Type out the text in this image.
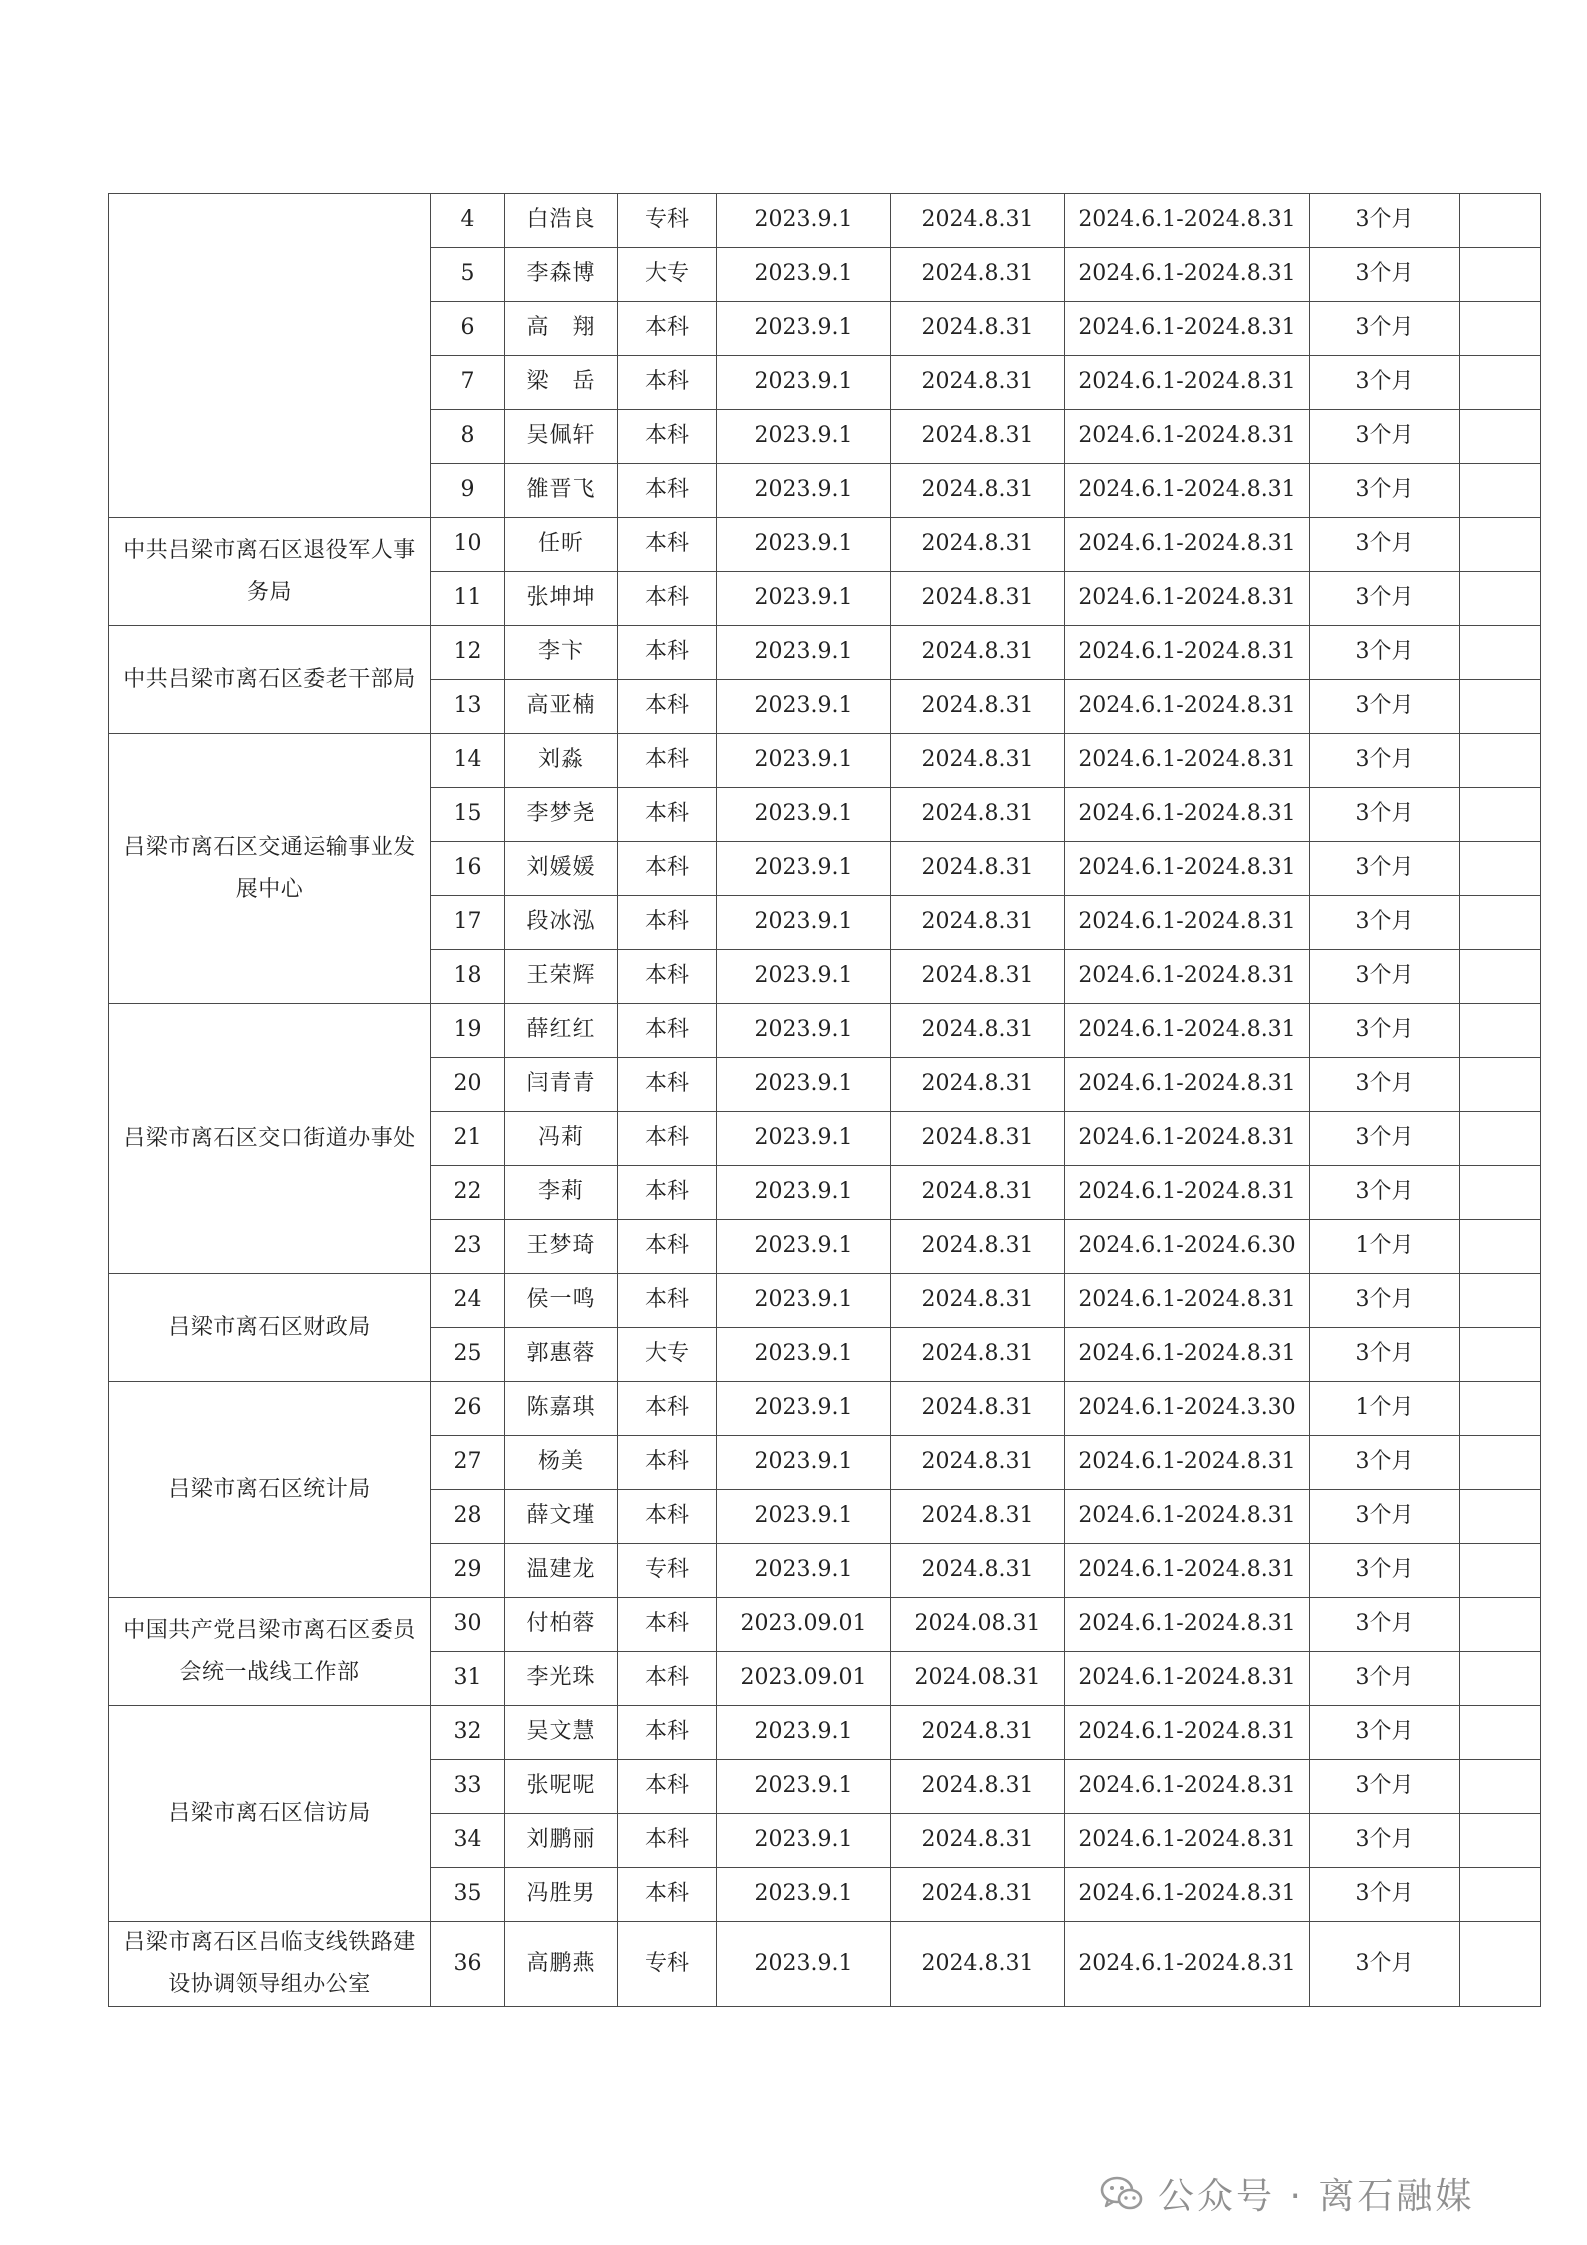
	4	白浩良	专科	2023.9.1	2024.8.31	2024.6.1-2024.8.31	3个月	
	5	李森博	大专	2023.9.1	2024.8.31	2024.6.1-2024.8.31	3个月	
	6	高　翔	本科	2023.9.1	2024.8.31	2024.6.1-2024.8.31	3个月	
	7	梁　岳	本科	2023.9.1	2024.8.31	2024.6.1-2024.8.31	3个月	
	8	吴佩轩	本科	2023.9.1	2024.8.31	2024.6.1-2024.8.31	3个月	
	9	雒晋飞	本科	2023.9.1	2024.8.31	2024.6.1-2024.8.31	3个月	
中共吕梁市离石区退役军人事务局	10	任昕	本科	2023.9.1	2024.8.31	2024.6.1-2024.8.31	3个月	
	11	张坤坤	本科	2023.9.1	2024.8.31	2024.6.1-2024.8.31	3个月	
中共吕梁市离石区委老干部局	12	李卞	本科	2023.9.1	2024.8.31	2024.6.1-2024.8.31	3个月	
	13	高亚楠	本科	2023.9.1	2024.8.31	2024.6.1-2024.8.31	3个月	
吕梁市离石区交通运输事业发展中心	14	刘淼	本科	2023.9.1	2024.8.31	2024.6.1-2024.8.31	3个月	
	15	李梦尧	本科	2023.9.1	2024.8.31	2024.6.1-2024.8.31	3个月	
	16	刘媛媛	本科	2023.9.1	2024.8.31	2024.6.1-2024.8.31	3个月	
	17	段冰泓	本科	2023.9.1	2024.8.31	2024.6.1-2024.8.31	3个月	
	18	王荣辉	本科	2023.9.1	2024.8.31	2024.6.1-2024.8.31	3个月	
吕梁市离石区交口街道办事处	19	薛红红	本科	2023.9.1	2024.8.31	2024.6.1-2024.8.31	3个月	
	20	闫青青	本科	2023.9.1	2024.8.31	2024.6.1-2024.8.31	3个月	
	21	冯莉	本科	2023.9.1	2024.8.31	2024.6.1-2024.8.31	3个月	
	22	李莉	本科	2023.9.1	2024.8.31	2024.6.1-2024.8.31	3个月	
	23	王梦琦	本科	2023.9.1	2024.8.31	2024.6.1-2024.6.30	1个月	
吕梁市离石区财政局	24	侯一鸣	本科	2023.9.1	2024.8.31	2024.6.1-2024.8.31	3个月	
	25	郭惠蓉	大专	2023.9.1	2024.8.31	2024.6.1-2024.8.31	3个月	
吕梁市离石区统计局	26	陈嘉琪	本科	2023.9.1	2024.8.31	2024.6.1-2024.3.30	1个月	
	27	杨美	本科	2023.9.1	2024.8.31	2024.6.1-2024.8.31	3个月	
	28	薛文瑾	本科	2023.9.1	2024.8.31	2024.6.1-2024.8.31	3个月	
	29	温建龙	专科	2023.9.1	2024.8.31	2024.6.1-2024.8.31	3个月	
中国共产党吕梁市离石区委员会统一战线工作部	30	付柏蓉	本科	2023.09.01	2024.08.31	2024.6.1-2024.8.31	3个月	
	31	李光珠	本科	2023.09.01	2024.08.31	2024.6.1-2024.8.31	3个月	
吕梁市离石区信访局	32	吴文慧	本科	2023.9.1	2024.8.31	2024.6.1-2024.8.31	3个月	
	33	张呢呢	本科	2023.9.1	2024.8.31	2024.6.1-2024.8.31	3个月	
	34	刘鹏丽	本科	2023.9.1	2024.8.31	2024.6.1-2024.8.31	3个月	
	35	冯胜男	本科	2023.9.1	2024.8.31	2024.6.1-2024.8.31	3个月	
吕梁市离石区吕临支线铁路建设协调领导组办公室	36	高鹏燕	专科	2023.9.1	2024.8.31	2024.6.1-2024.8.31	3个月	
公众号 · 离石融媒
